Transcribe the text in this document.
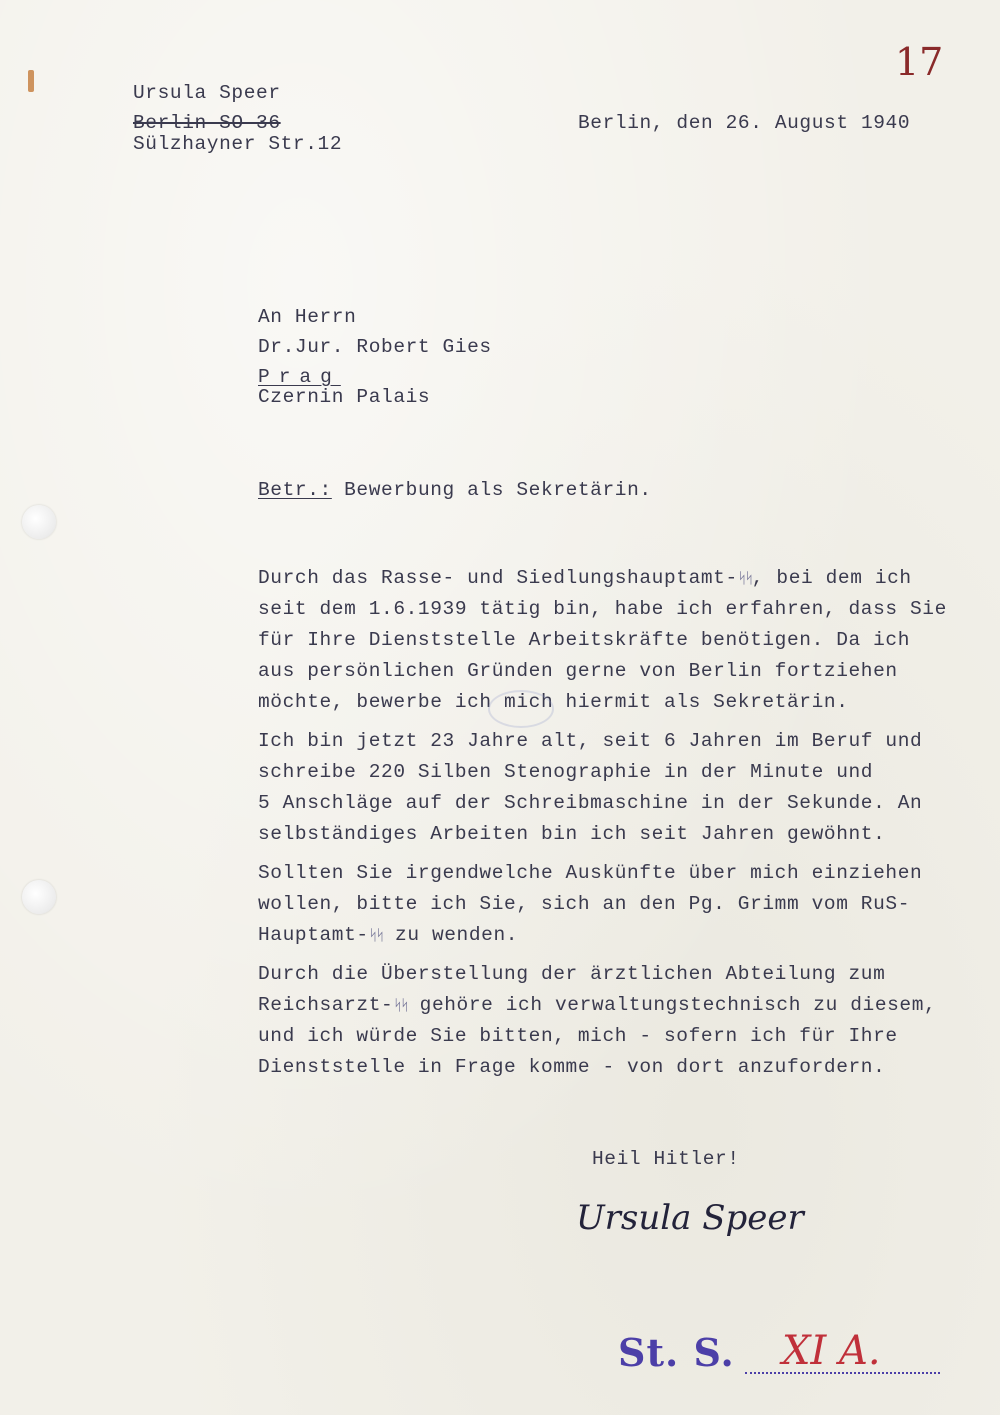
17
Ursula Speer
Berlin SO 36
Sülzhayner Str.12
Berlin, den 26. August 1940
An Herrn
Dr.Jur. Robert Gies
Prag
Czernin Palais
Betr.: Bewerbung als Sekretärin.
Durch das Rasse- und Siedlungshauptamt-ᛋᛋ, bei dem ich
seit dem 1.6.1939 tätig bin, habe ich erfahren, dass Sie
für Ihre Dienststelle Arbeitskräfte benötigen. Da ich
aus persönlichen Gründen gerne von Berlin fortziehen
möchte, bewerbe ich mich hiermit als Sekretärin.
Ich bin jetzt 23 Jahre alt, seit 6 Jahren im Beruf und
schreibe 220 Silben Stenographie in der Minute und
5 Anschläge auf der Schreibmaschine in der Sekunde. An
selbständiges Arbeiten bin ich seit Jahren gewöhnt.
Sollten Sie irgendwelche Auskünfte über mich einziehen
wollen, bitte ich Sie, sich an den Pg. Grimm vom RuS-
Hauptamt-ᛋᛋ zu wenden.
Durch die Überstellung der ärztlichen Abteilung zum
Reichsarzt-ᛋᛋ gehöre ich verwaltungstechnisch zu diesem,
und ich würde Sie bitten, mich - sofern ich für Ihre
Dienststelle in Frage komme - von dort anzufordern.
Heil Hitler!
Ursula Speer
St. S. XI A.
